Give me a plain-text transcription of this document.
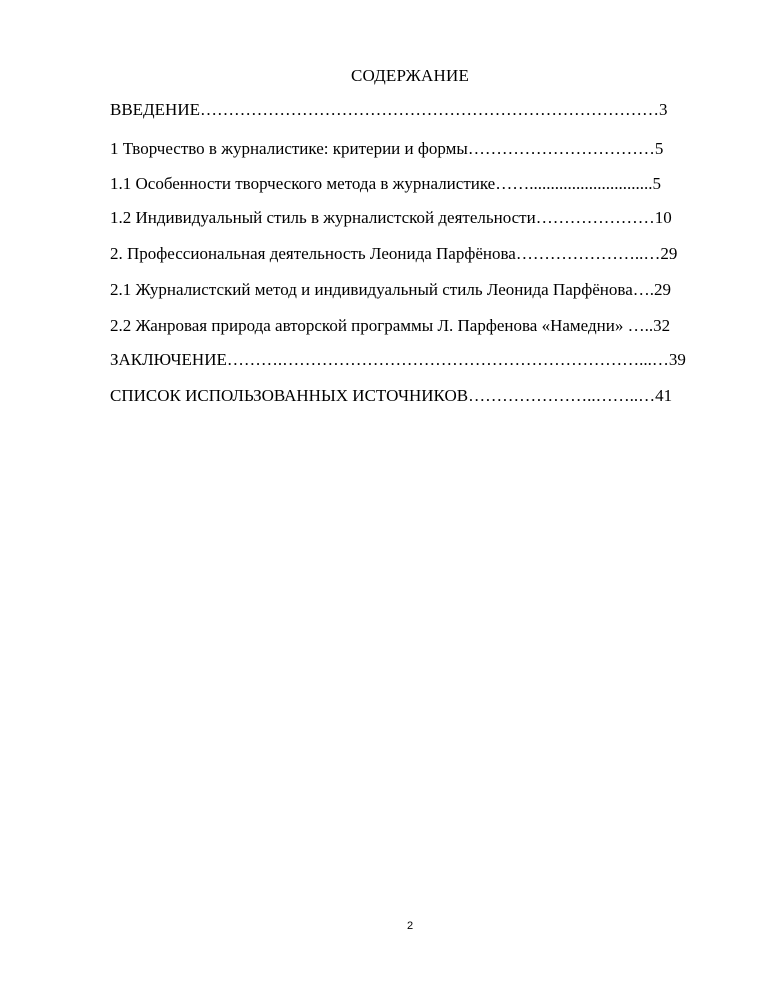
СОДЕРЖАНИЕ
ВВЕДЕНИЕ………………………………………………………………………3
1 Творчество в журналистике: критерии и формы……………………………5
1.1 Особенности творческого метода в журналистике…….............................5
1.2 Индивидуальный стиль в журналистской деятельности…………………10
2. Профессиональная деятельность Леонида Парфёнова…………………..…29
2.1 Журналистский метод и индивидуальный стиль Леонида Парфёнова….29
2.2 Жанровая природа авторской программы Л. Парфенова «Намедни» …..32
ЗАКЛЮЧЕНИЕ……….………………………………………………………...…39
СПИСОК ИСПОЛЬЗОВАННЫХ ИСТОЧНИКОВ…………………..……..…41
2
